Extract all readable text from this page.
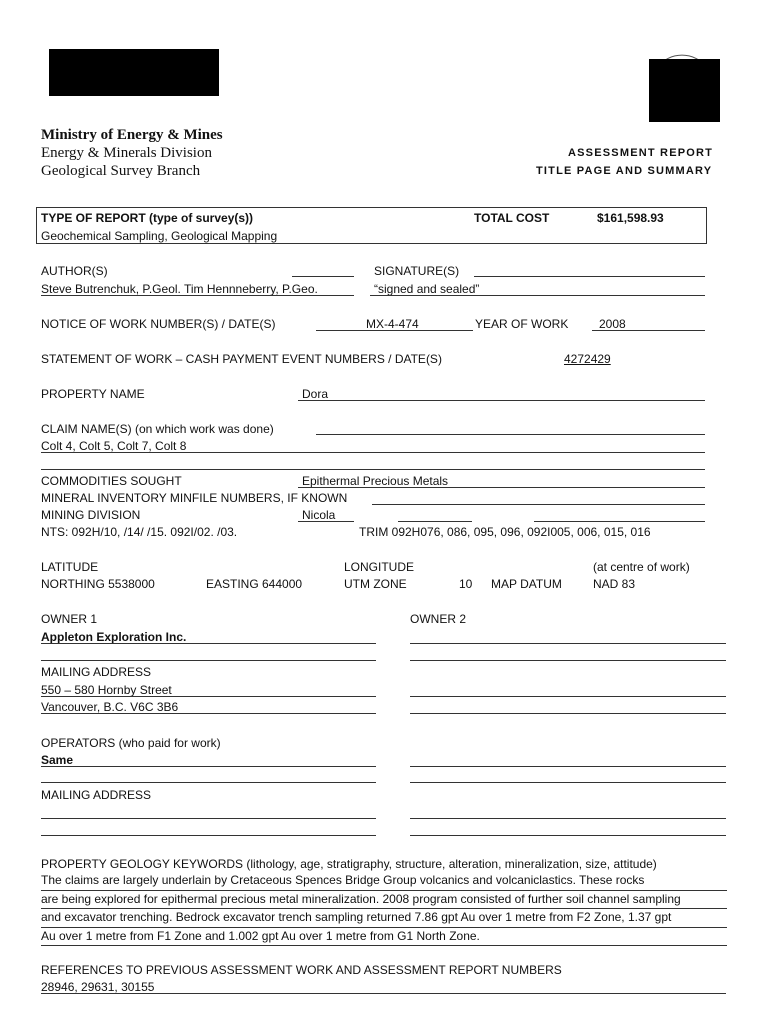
Ministry of Energy & Mines
Energy & Minerals Division
Geological Survey Branch
ASSESSMENT REPORT
TITLE PAGE AND SUMMARY
TYPE OF REPORT (type of survey(s))
Geochemical Sampling, Geological Mapping
TOTAL COST	$161,598.93
AUTHOR(S)
Steve Butrenchuk, P.Geol. Tim Hennneberry, P.Geo.
SIGNATURE(S)
“signed and sealed”
NOTICE OF WORK NUMBER(S) / DATE(S)	MX-4-474	YEAR OF WORK	2008
STATEMENT OF WORK – CASH PAYMENT EVENT NUMBERS / DATE(S)	4272429
PROPERTY NAME	Dora
CLAIM NAME(S) (on which work was done)
Colt 4, Colt 5, Colt 7, Colt 8
COMMODITIES SOUGHT	Epithermal Precious Metals
MINERAL INVENTORY MINFILE NUMBERS, IF KNOWN
MINING DIVISION	Nicola
NTS: 092H/10, /14/ /15. 092I/02. /03.	TRIM 092H076, 086, 095, 096, 092I005, 006, 015, 016
LATITUDE	LONGITUDE	(at centre of work)
NORTHING 5538000	EASTING 644000	UTM ZONE	10 MAP DATUM	NAD 83
OWNER 1	OWNER 2
Appleton Exploration Inc.
MAILING ADDRESS
550 – 580 Hornby Street
Vancouver, B.C. V6C 3B6
OPERATORS (who paid for work)
Same
MAILING ADDRESS
PROPERTY GEOLOGY KEYWORDS (lithology, age, stratigraphy, structure, alteration, mineralization, size, attitude)
The claims are largely underlain by Cretaceous Spences Bridge Group volcanics and volcaniclastics. These rocks
are being explored for epithermal precious metal mineralization. 2008 program consisted of further soil channel sampling
and excavator trenching. Bedrock excavator trench sampling returned 7.86 gpt Au over 1 metre from F2 Zone, 1.37 gpt
Au over 1 metre from F1 Zone and 1.002 gpt Au over 1 metre from G1 North Zone.
REFERENCES TO PREVIOUS ASSESSMENT WORK AND ASSESSMENT REPORT NUMBERS
28946, 29631, 30155
